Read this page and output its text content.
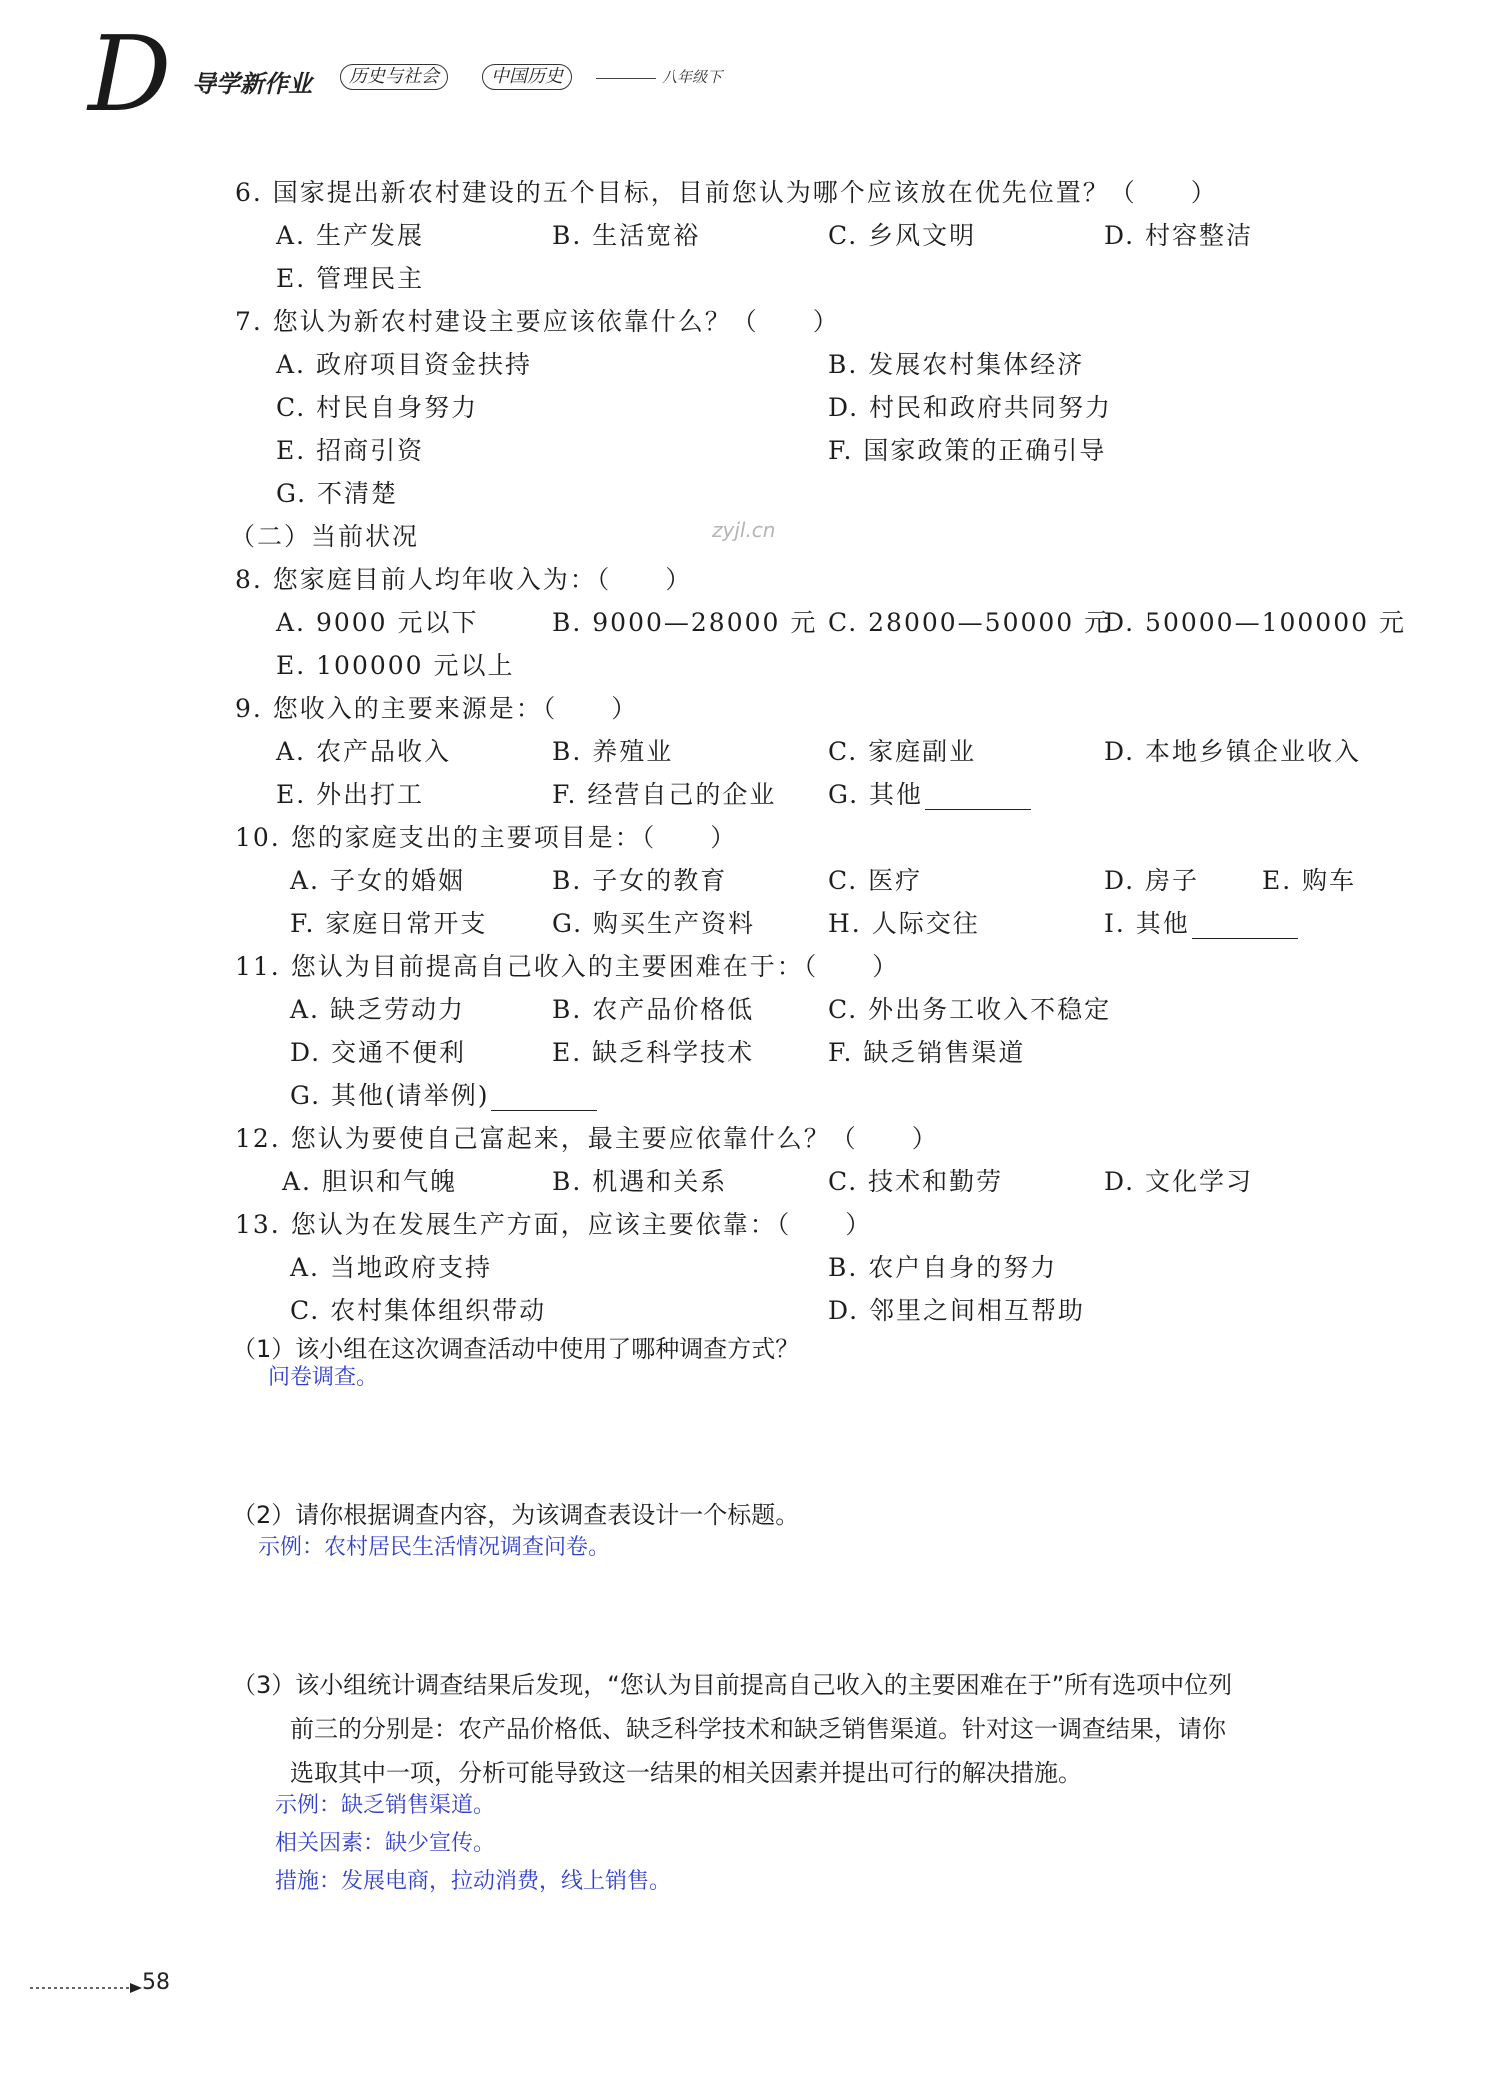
D 导学新作业	历史与社会	中国历史	八年级下
6. 国家提出新农村建设的五个目标，目前您认为哪个应该放在优先位置？（　　）
A. 生产发展	B. 生活宽裕	C. 乡风文明	D. 村容整洁
E. 管理民主
7. 您认为新农村建设主要应该依靠什么？（　　）
A. 政府项目资金扶持	B. 发展农村集体经济
C. 村民自身努力	D. 村民和政府共同努力
E. 招商引资	F. 国家政策的正确引导
G. 不清楚
（二）当前状况	zyjl.cn
8. 您家庭目前人均年收入为：（　　）
A. 9000 元以下	B. 9000—28000 元 C. 28000—50000 元
D. 50000—100000 元
E. 100000 元以上
9. 您收入的主要来源是：（　　）
A. 农产品收入	B. 养殖业	C. 家庭副业	D. 本地乡镇企业收入
E. 外出打工	F. 经营自己的企业 G. 其他
10. 您的家庭支出的主要项目是：（　　）
A. 子女的婚姻	B. 子女的教育	C. 医疗	D. 房子	E. 购车
F. 家庭日常开支	G. 购买生产资料	H. 人际交往	I. 其他
11. 您认为目前提高自己收入的主要困难在于：（　　）
A. 缺乏劳动力	B. 农产品价格低	C. 外出务工收入不稳定
D. 交通不便利	E. 缺乏科学技术	F. 缺乏销售渠道
G. 其他(请举例)
12. 您认为要使自己富起来，最主要应依靠什么？（　　）
A. 胆识和气魄	B. 机遇和关系	C. 技术和勤劳	D. 文化学习
13. 您认为在发展生产方面，应该主要依靠：（　　）
A. 当地政府支持	B. 农户自身的努力
C. 农村集体组织带动	D. 邻里之间相互帮助
（1）该小组在这次调查活动中使用了哪种调查方式？
问卷调查。
（2）请你根据调查内容，为该调查表设计一个标题。
示例：农村居民生活情况调查问卷。
（3）该小组统计调查结果后发现，“您认为目前提高自己收入的主要困难在于”所有选项中位列
前三的分别是：农产品价格低、缺乏科学技术和缺乏销售渠道。针对这一调查结果，请你
选取其中一项，分析可能导致这一结果的相关因素并提出可行的解决措施。
示例：缺乏销售渠道。
相关因素：缺少宣传。
措施：发展电商，拉动消费，线上销售。
58
